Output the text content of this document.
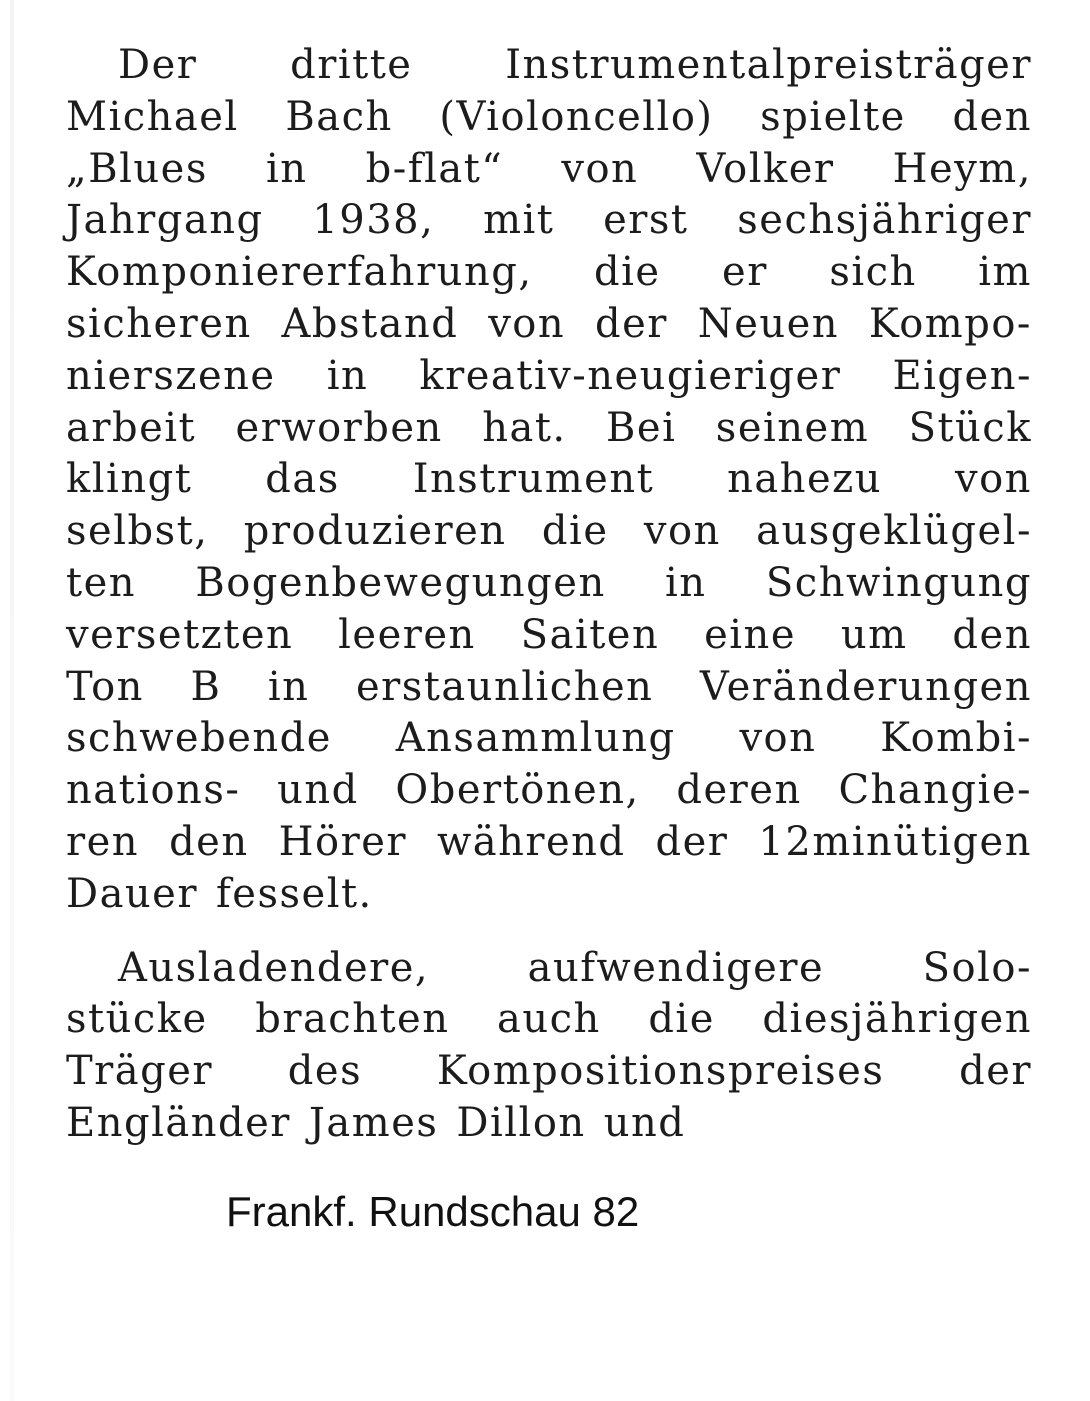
Der dritte Instrumentalpreisträger
Michael Bach (Violoncello) spielte den
„Blues in b-flat“ von Volker Heym,
Jahrgang 1938, mit erst sechsjähriger
Komponiererfahrung, die er sich im
sicheren Abstand von der Neuen Kompo-
nierszene in kreativ-neugieriger Eigen-
arbeit erworben hat. Bei seinem Stück
klingt das Instrument nahezu von
selbst, produzieren die von ausgeklügel-
ten Bogenbewegungen in Schwingung
versetzten leeren Saiten eine um den
Ton B in erstaunlichen Veränderungen
schwebende Ansammlung von Kombi-
nations- und Obertönen, deren Changie-
ren den Hörer während der 12minütigen
Dauer fesselt.
Ausladendere, aufwendigere Solo-
stücke brachten auch die diesjährigen
Träger des Kompositionspreises der
Engländer James Dillon und
Frankf. Rundschau 82
